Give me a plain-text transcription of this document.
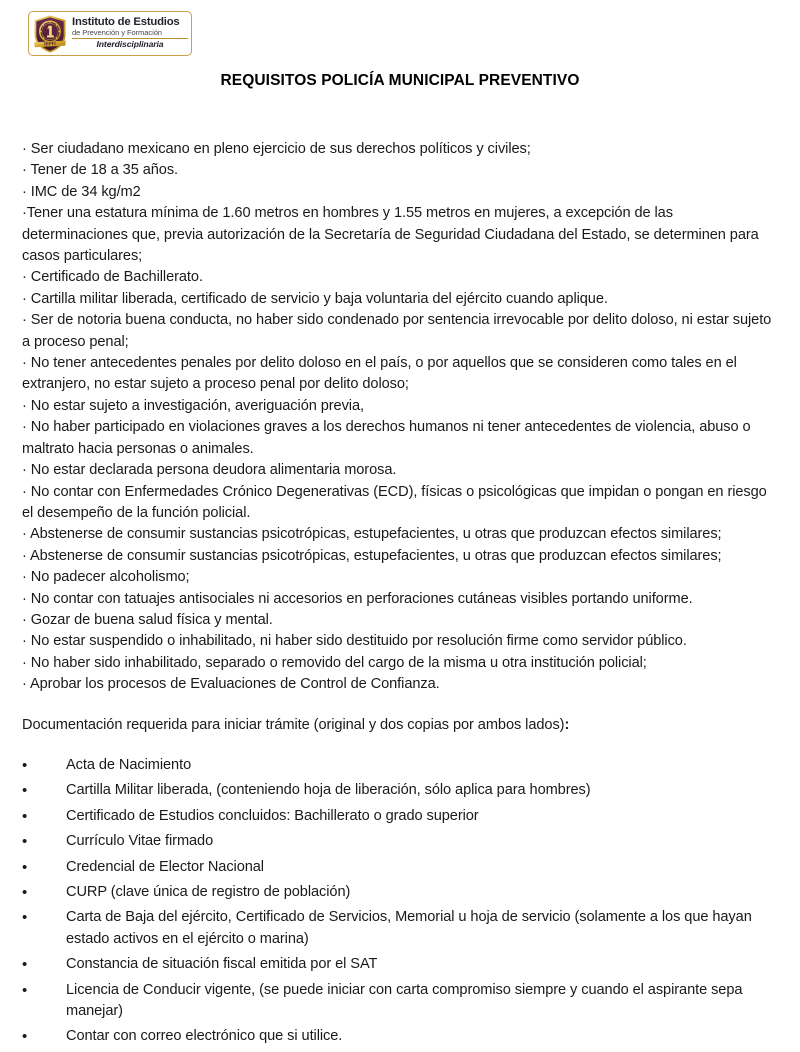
IEPFI
Instituto de Estudios
de Prevención y Formación
Interdisciplinaria
REQUISITOS POLICÍA MUNICIPAL PREVENTIVO
· Ser ciudadano mexicano en pleno ejercicio de sus derechos políticos y civiles;
· Tener de 18 a 35 años.
· IMC de 34 kg/m2
·Tener una estatura mínima de 1.60 metros en hombres y 1.55 metros en mujeres, a excepción de las determinaciones que, previa autorización de la Secretaría de Seguridad Ciudadana del Estado, se determinen para casos particulares;
· Certificado de Bachillerato.
· Cartilla militar liberada, certificado de servicio y baja voluntaria del ejército cuando aplique.
· Ser de notoria buena conducta, no haber sido condenado por sentencia irrevocable por delito doloso, ni estar sujeto a proceso penal;
· No tener antecedentes penales por delito doloso en el país, o por aquellos que se consideren como tales en el extranjero, no estar sujeto a proceso penal por delito doloso;
· No estar sujeto a investigación, averiguación previa,
· No haber participado en violaciones graves a los derechos humanos ni tener antecedentes de violencia, abuso o maltrato hacia personas o animales.
· No estar declarada persona deudora alimentaria morosa.
· No contar con Enfermedades Crónico Degenerativas (ECD), físicas o psicológicas que impidan o pongan en riesgo el desempeño de la función policial.
· Abstenerse de consumir sustancias psicotrópicas, estupefacientes, u otras que produzcan efectos similares;
· Abstenerse de consumir sustancias psicotrópicas, estupefacientes, u otras que produzcan efectos similares;
· No padecer alcoholismo;
· No contar con tatuajes antisociales ni accesorios en perforaciones cutáneas visibles portando uniforme.
· Gozar de buena salud física y mental.
· No estar suspendido o inhabilitado, ni haber sido destituido por resolución firme como servidor público.
· No haber sido inhabilitado, separado o removido del cargo de la misma u otra institución policial;
· Aprobar los procesos de Evaluaciones de Control de Confianza.
Documentación requerida para iniciar trámite (original y dos copias por ambos lados):
•	Acta de Nacimiento
•	Cartilla Militar liberada, (conteniendo hoja de liberación, sólo aplica para hombres)
•	Certificado de Estudios concluidos: Bachillerato o grado superior
•	Currículo Vitae firmado
•	Credencial de Elector Nacional
•	CURP (clave única de registro de población)
•	Carta de Baja del ejército, Certificado de Servicios, Memorial u hoja de servicio (solamente a los que hayan estado activos en el ejército o marina)
•	Constancia de situación fiscal emitida por el SAT
•	Licencia de Conducir vigente, (se puede iniciar con carta compromiso siempre y cuando el aspirante sepa manejar)
•	Contar con correo electrónico que si utilice.
